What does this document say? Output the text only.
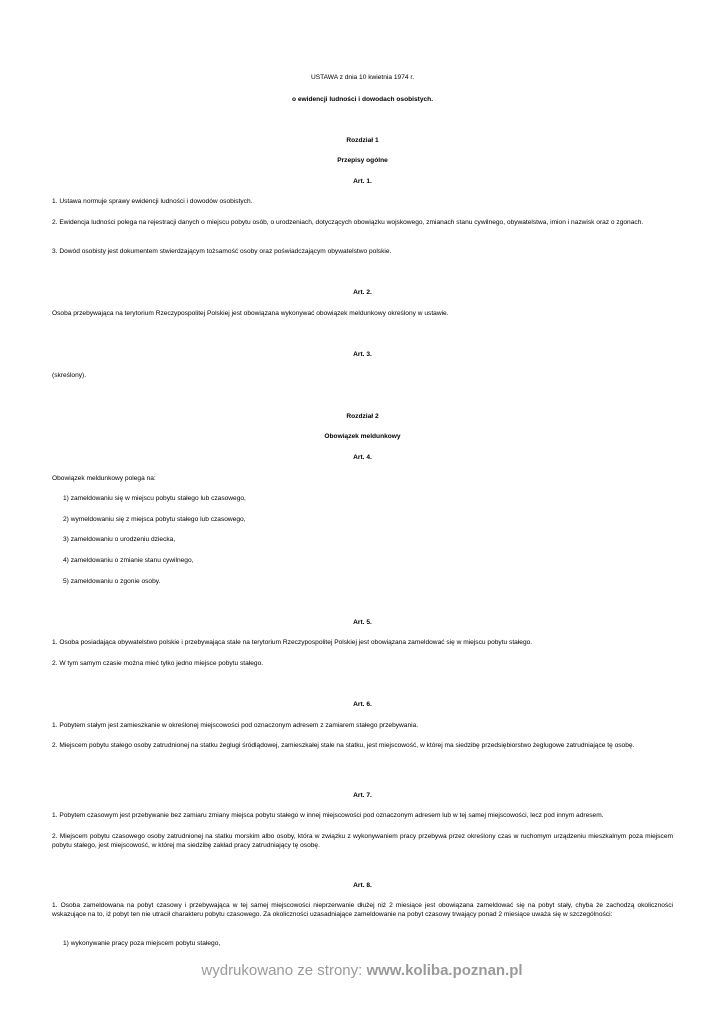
USTAWA z dnia 10 kwietnia 1974 r.

o ewidencji ludności i dowodach osobistych.

Rozdział 1

Przepisy ogólne

Art. 1.

1. Ustawa normuje sprawy ewidencji ludności i dowodów osobistych.

2. Ewidencja ludności polega na rejestracji danych o miejscu pobytu osób, o urodzeniach, dotyczących obowiązku wojskowego, zmianach stanu cywilnego, obywatelstwa, imion i nazwisk oraz o zgonach.

3. Dowód osobisty jest dokumentem stwierdzającym tożsamość osoby oraz poświadczającym obywatelstwo polskie.

Art. 2.

Osoba przebywająca na terytorium Rzeczypospolitej Polskiej jest obowiązana wykonywać obowiązek meldunkowy określony w ustawie.

Art. 3.

(skreślony).

Rozdział 2

Obowiązek meldunkowy

Art. 4.

Obowiązek meldunkowy polega na:

1) zameldowaniu się w miejscu pobytu stałego lub czasowego,

2) wymeldowaniu się z miejsca pobytu stałego lub czasowego,

3) zameldowaniu o urodzeniu dziecka,

4) zameldowaniu o zmianie stanu cywilnego,

5) zameldowaniu o zgonie osoby.

Art. 5.

1. Osoba posiadająca obywatelstwo polskie i przebywająca stale na terytorium Rzeczypospolitej Polskiej jest obowiązana zameldować się w miejscu pobytu stałego.

2. W tym samym czasie można mieć tylko jedno miejsce pobytu stałego.

Art. 6.

1. Pobytem stałym jest zamieszkanie w określonej miejscowości pod oznaczonym adresem z zamiarem stałego przebywania.

2. Miejscem pobytu stałego osoby zatrudnionej na statku żeglugi śródlądowej, zamieszkałej stale na statku, jest miejscowość, w której ma siedzibę przedsiębiorstwo żeglugowe zatrudniające tę osobę.

Art. 7.

1. Pobytem czasowym jest przebywanie bez zamiaru zmiany miejsca pobytu stałego w innej miejscowości pod oznaczonym adresem lub w tej samej miejscowości, lecz pod innym adresem.

2. Miejscem pobytu czasowego osoby zatrudnionej na statku morskim albo osoby, która w związku z wykonywaniem pracy przebywa przez określony czas w ruchomym urządzeniu mieszkalnym poza miejscem pobytu stałego, jest miejscowość, w której ma siedzibę zakład pracy zatrudniający tę osobę.

Art. 8.

1. Osoba zameldowana na pobyt czasowy i przebywająca w tej samej miejscowości nieprzerwanie dłużej niż 2 miesiące jest obowiązana zameldować się na pobyt stały, chyba że zachodzą okoliczności wskazujące na to, iż pobyt ten nie utracił charakteru pobytu czasowego. Za okoliczności uzasadniające zameldowanie na pobyt czasowy trwający ponad 2 miesiące uważa się w szczególności:

1) wykonywanie pracy poza miejscem pobytu stałego,

wydrukowano ze strony: www.koliba.poznan.pl
